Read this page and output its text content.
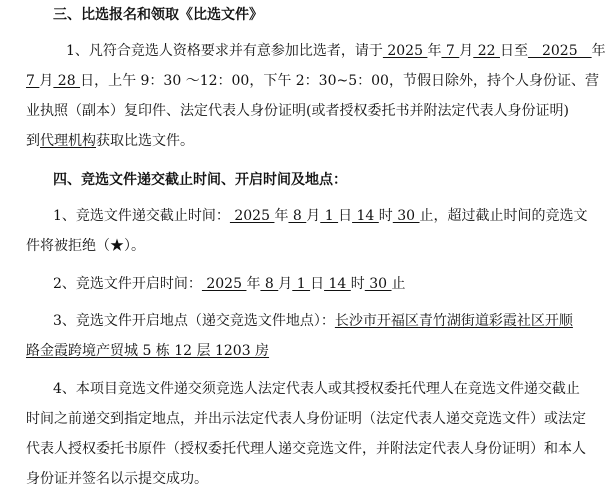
三、比选报名和领取《比选文件》
1、凡符合竞选人资格要求并有意参加比选者，请于 2025 年 7 月 22 日至　2025　年
7 月 28 日，上午 9：30 ～12：00，下午 2：30~5：00，节假日除外，持个人身份证、营
业执照（副本）复印件、法定代表人身份证明(或者授权委托书并附法定代表人身份证明)
到代理机构获取比选文件。
四、竞选文件递交截止时间、开启时间及地点：
1、竞选文件递交截止时间： 2025 年 8 月 1 日 14 时 30 止，超过截止时间的竞选文
件将被拒绝（★）。
2、竞选文件开启时间： 2025 年 8 月 1 日 14 时 30 止
3、竞选文件开启地点（递交竞选文件地点）：长沙市开福区青竹湖街道彩霞社区开顺
路金霞跨境产贸城 5 栋 12 层 1203 房
4、本项目竞选文件递交须竞选人法定代表人或其授权委托代理人在竞选文件递交截止
时间之前递交到指定地点，并出示法定代表人身份证明（法定代表人递交竞选文件）或法定
代表人授权委托书原件（授权委托代理人递交竞选文件，并附法定代表人身份证明）和本人
身份证并签名以示提交成功。
